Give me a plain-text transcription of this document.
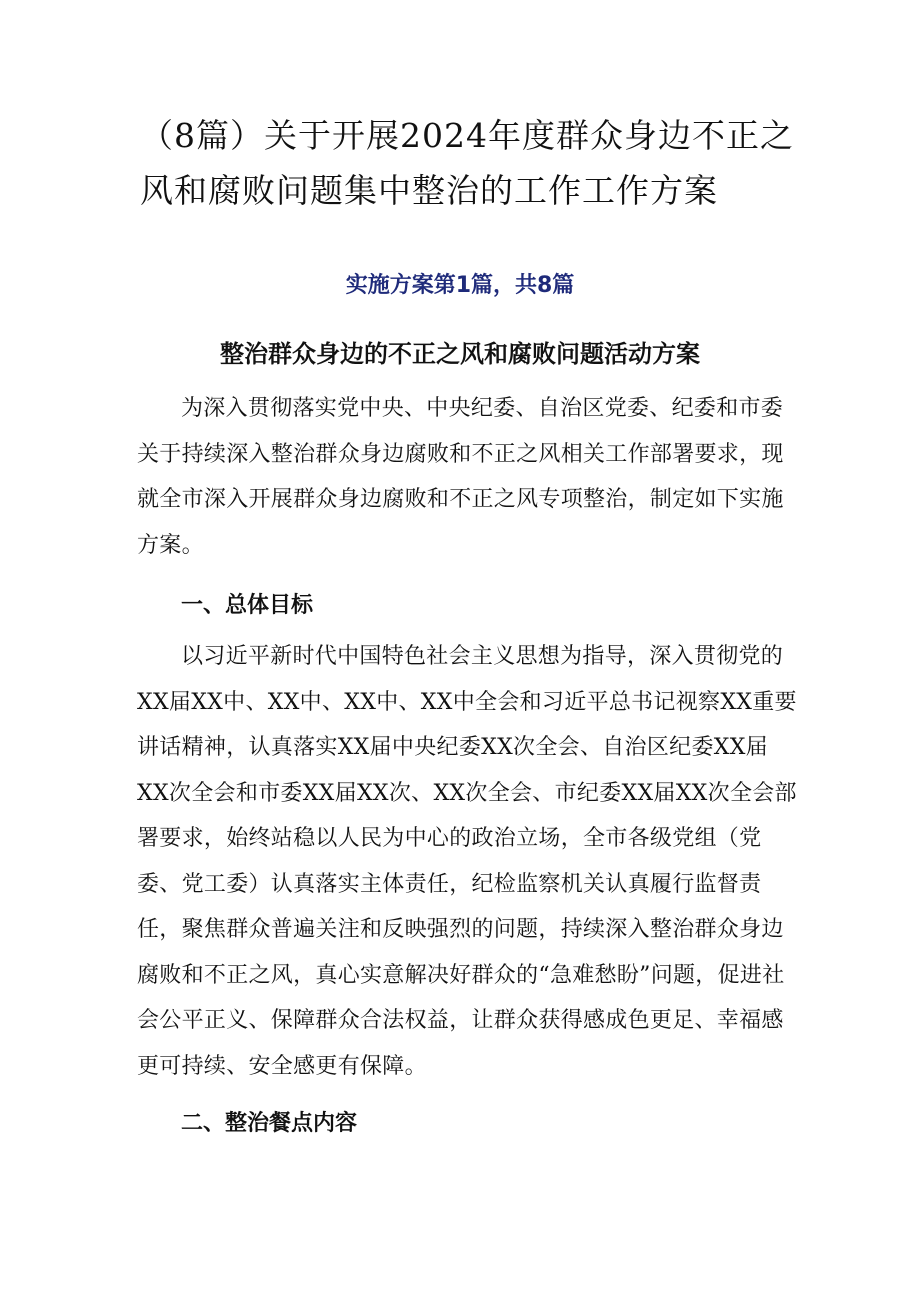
（8篇）关于开展2024年度群众身边不正之风和腐败问题集中整治的工作工作方案
实施方案第1篇，共8篇
整治群众身边的不正之风和腐败问题活动方案

为深入贯彻落实党中央、中央纪委、自治区党委、纪委和市委关于持续深入整治群众身边腐败和不正之风相关工作部署要求，现就全市深入开展群众身边腐败和不正之风专项整治，制定如下实施方案。

一、总体目标

以习近平新时代中国特色社会主义思想为指导，深入贯彻党的XX届XX中、XX中、XX中、XX中全会和习近平总书记视察XX重要讲话精神，认真落实XX届中央纪委XX次全会、自治区纪委XX届XX次全会和市委XX届XX次、XX次全会、市纪委XX届XX次全会部署要求，始终站稳以人民为中心的政治立场，全市各级党组（党委、党工委）认真落实主体责任，纪检监察机关认真履行监督责任，聚焦群众普遍关注和反映强烈的问题，持续深入整治群众身边腐败和不正之风，真心实意解决好群众的“急难愁盼”问题，促进社会公平正义、保障群众合法权益，让群众获得感成色更足、幸福感更可持续、安全感更有保障。

二、整治餐点内容
